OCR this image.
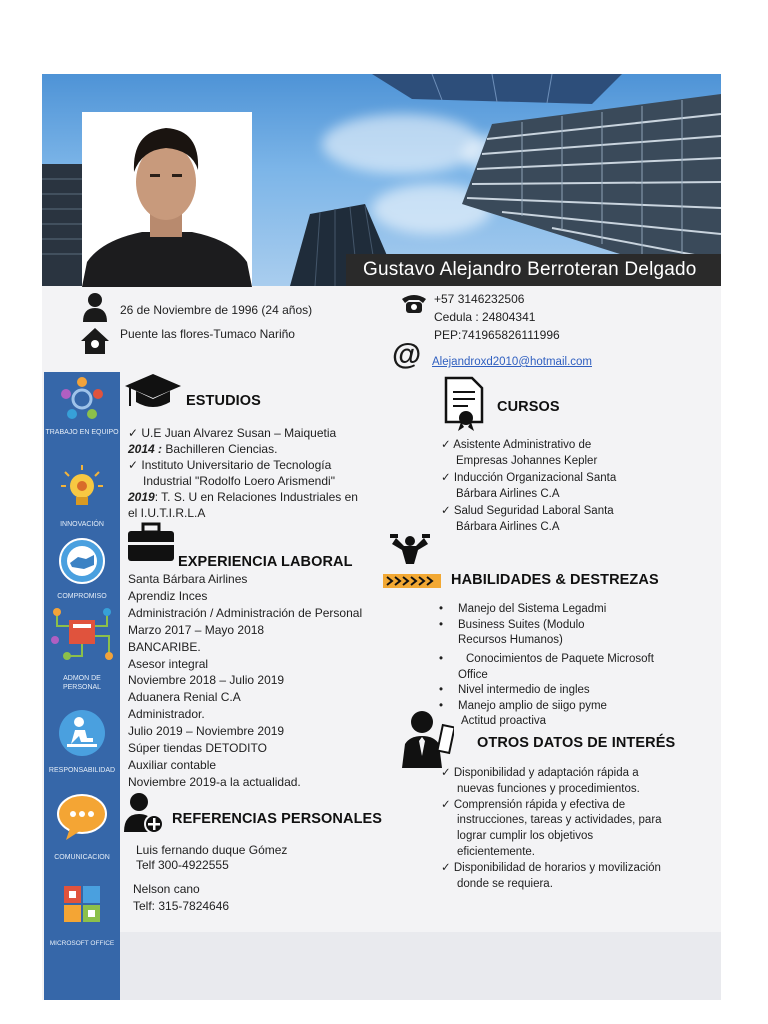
Gustavo Alejandro Berroteran Delgado
26 de Noviembre de 1996 (24 años)
Puente las flores-Tumaco Nariño
+57 3146232506
Cedula : 24804341
PEP:741965826111996
@ Alejandroxd2010@hotmail.com
TRABAJO EN EQUIPO
INNOVACIÓN
COMPROMISO
ADMON DE PERSONAL
RESPONSABILIDAD
COMUNICACION
MICROSOFT OFFICE
ESTUDIOS
✓ U.E Juan Alvarez Susan – Maiquetia
2014 : Bachilleren Ciencias.
✓ Instituto Universitario de Tecnología
Industrial "Rodolfo Loero Arismendi"
2019: T. S. U en Relaciones Industriales en
el I.U.T.I.R.L.A
EXPERIENCIA LABORAL
Santa Bárbara Airlines
Aprendiz Inces
Administración / Administración de Personal
Marzo 2017 – Mayo 2018
BANCARIBE.
Asesor integral
Noviembre 2018 – Julio 2019
Aduanera Renial C.A
Administrador.
Julio 2019 – Noviembre 2019
Súper tiendas DETODITO
Auxiliar contable
Noviembre 2019-a la actualidad.
REFERENCIAS PERSONALES
Luis fernando duque Gómez
Telf 300-4922555
Nelson cano
Telf: 315-7824646
CURSOS
✓ Asistente Administrativo de
Empresas Johannes Kepler
✓ Inducción Organizacional Santa
Bárbara Airlines C.A
✓ Salud Seguridad Laboral Santa
Bárbara Airlines C.A
HABILIDADES & DESTREZAS
• Manejo del Sistema Legadmi
• Business Suites (Modulo
Recursos Humanos)
• Conocimientos de Paquete Microsoft
Office
• Nivel intermedio de ingles
• Manejo amplio de siigo pyme
Actitud proactiva
OTROS DATOS DE INTERÉS
✓ Disponibilidad y adaptación rápida a
nuevas funciones y procedimientos.
✓ Comprensión rápida y efectiva de
instrucciones, tareas y actividades, para
lograr cumplir los objetivos
eficientemente.
✓ Disponibilidad de horarios y movilización
donde se requiera.
